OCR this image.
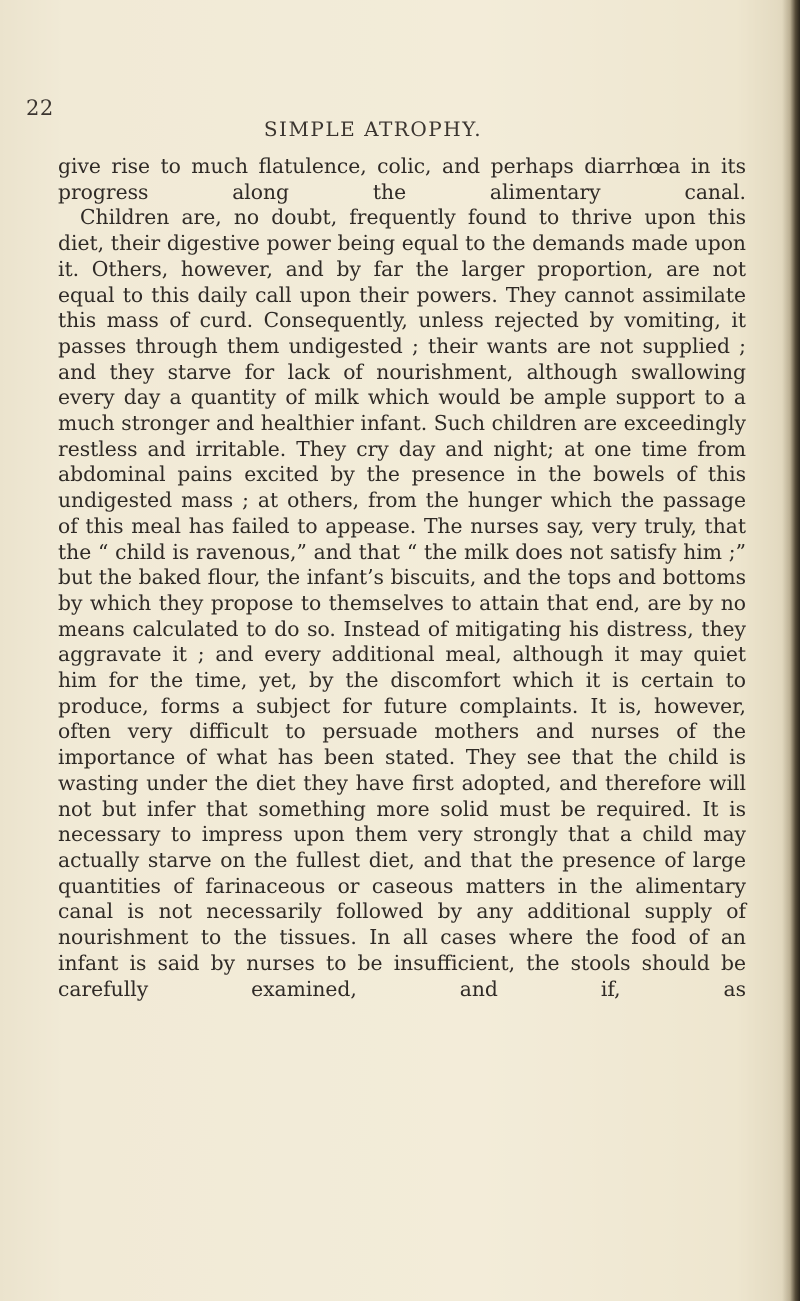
22
SIMPLE ATROPHY.

give rise to much flatulence, colic, and perhaps diarrhœa in its progress along the alimentary canal.

Children are, no doubt, frequently found to thrive upon this diet, their digestive power being equal to the demands made upon it. Others, however, and by far the larger proportion, are not equal to this daily call upon their powers. They cannot assimilate this mass of curd. Consequently, unless rejected by vomiting, it passes through them undigested ; their wants are not supplied ; and they starve for lack of nourishment, although swallowing every day a quantity of milk which would be ample support to a much stronger and healthier infant. Such children are exceedingly restless and irritable. They cry day and night; at one time from abdominal pains excited by the presence in the bowels of this undigested mass ; at others, from the hunger which the passage of this meal has failed to appease. The nurses say, very truly, that the “ child is ravenous,” and that “ the milk does not satisfy him ;” but the baked flour, the infant’s biscuits, and the tops and bottoms by which they propose to themselves to attain that end, are by no means calculated to do so. Instead of mitigating his distress, they aggravate it ; and every additional meal, although it may quiet him for the time, yet, by the discomfort which it is certain to produce, forms a subject for future complaints. It is, however, often very difficult to persuade mothers and nurses of the importance of what has been stated. They see that the child is wasting under the diet they have first adopted, and therefore will not but infer that something more solid must be required. It is necessary to impress upon them very strongly that a child may actually starve on the fullest diet, and that the presence of large quantities of farinaceous or caseous matters in the alimentary canal is not necessarily followed by any additional supply of nourishment to the tissues. In all cases where the food of an infant is said by nurses to be insufficient, the stools should be carefully examined, and if, as
